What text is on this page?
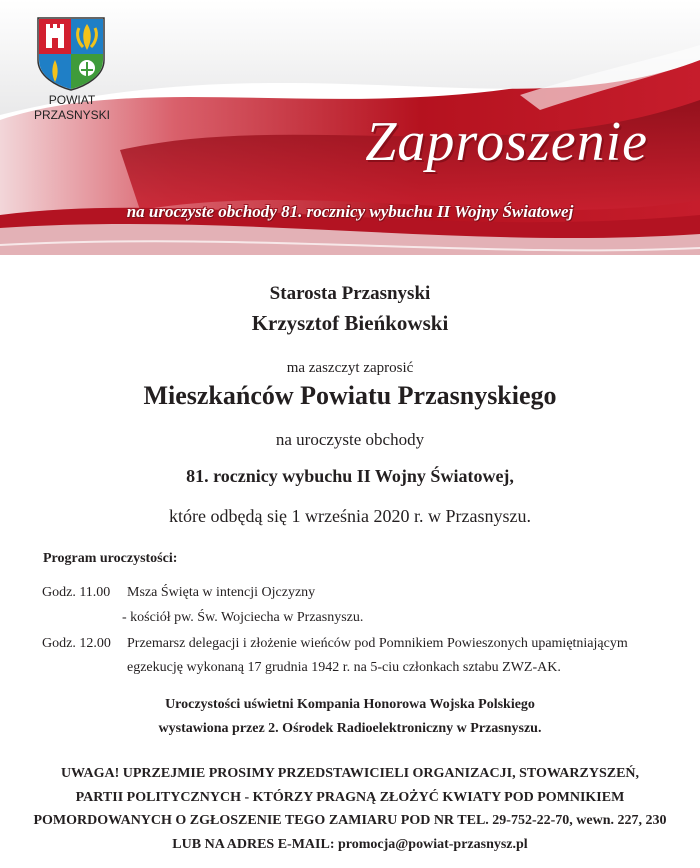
POWIAT
PRZASNYSKI	Zaproszenie
na uroczyste obchody 81. rocznicy wybuchu II Wojny Światowej
Starosta Przasnyski
Krzysztof Bieńkowski
ma zaszczyt zaprosić
Mieszkańców Powiatu Przasnyskiego
na uroczyste obchody
81. rocznicy wybuchu II Wojny Światowej,
które odbędą się 1 września 2020 r. w Przasnyszu.
Program uroczystości:
Godz. 11.00 Msza Święta w intencji Ojczyzny
- kościół pw. Św. Wojciecha w Przasnyszu.
Godz. 12.00 Przemarsz delegacji i złożenie wieńców pod Pomnikiem Powieszonych upamiętniającym
egzekucję wykonaną 17 grudnia 1942 r. na 5-ciu członkach sztabu ZWZ-AK.
Uroczystości uświetni Kompania Honorowa Wojska Polskiego
wystawiona przez 2. Ośrodek Radioelektroniczny w Przasnyszu.
UWAGA! UPRZEJMIE PROSIMY PRZEDSTAWICIELI ORGANIZACJI, STOWARZYSZEŃ,
PARTII POLITYCZNYCH - KTÓRZY PRAGNĄ ZŁOŻYĆ KWIATY POD POMNIKIEM
POMORDOWANYCH O ZGŁOSZENIE TEGO ZAMIARU POD NR TEL. 29-752-22-70, wewn. 227, 230
LUB NA ADRES E-MAIL: promocja@powiat-przasnysz.pl
